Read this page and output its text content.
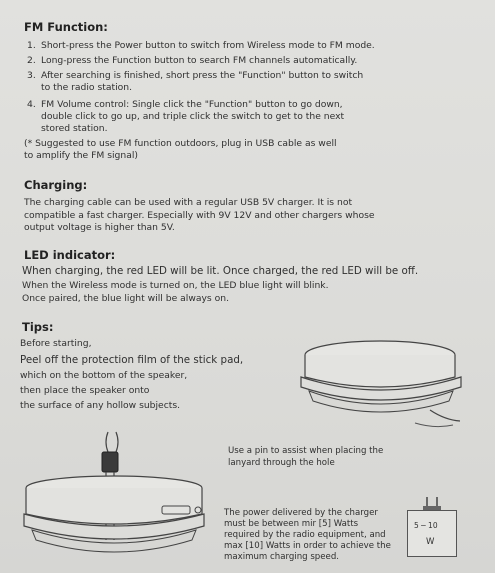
FM Function:
1. Short-press the Power button to switch from Wireless mode to FM mode.
2. Long-press the Function button to search FM channels automatically.
3. After searching is finished, short press the "Function" button to switch
to the radio station.
4. FM Volume control: Single click the "Function" button to go down,
double click to go up, and triple click the switch to get to the next
stored station.
(* Suggested to use FM function outdoors, plug in USB cable as well
to amplify the FM signal)
Charging:
The charging cable can be used with a regular USB 5V charger. It is not
compatible a fast charger. Especially with 9V 12V and other chargers whose
output voltage is higher than 5V.
LED indicator:
When charging, the red LED will be lit. Once charged, the red LED will be off.
When the Wireless mode is turned on, the LED blue light will blink.
Once paired, the blue light will be always on.
Tips:
Before starting,
Peel off the protection film of the stick pad,
which on the bottom of the speaker,
then place the speaker onto
the surface of any hollow subjects.
Use a pin to assist when placing the
lanyard through the hole
The power delivered by the charger
must be between mir [5] Watts
required by the radio equipment, and
max [10] Watts in order to achieve the
maximum charging speed.
5 ─ 10
W
